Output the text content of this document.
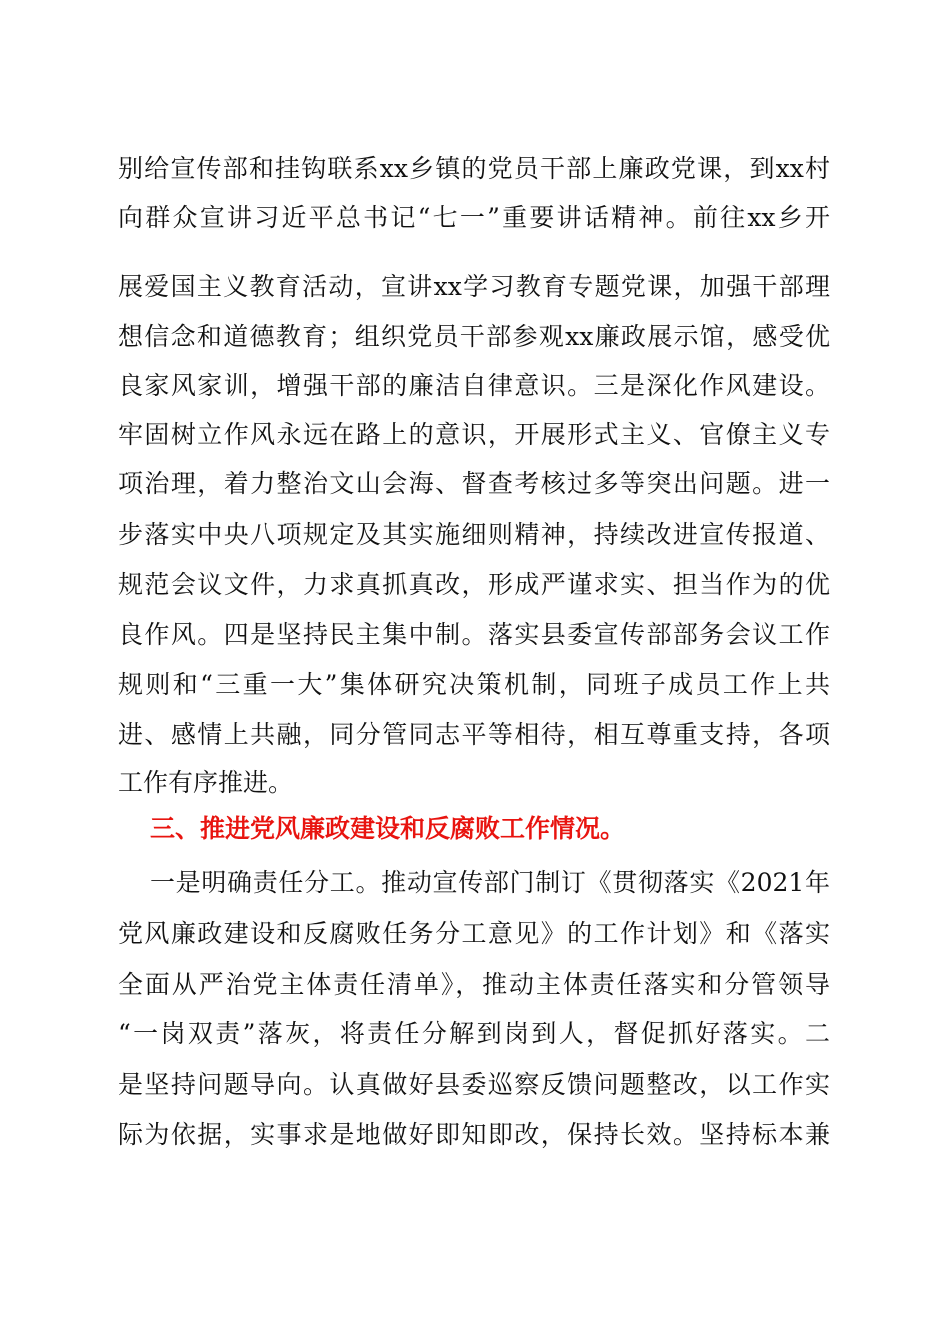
别给宣传部和挂钩联系xx乡镇的党员干部上廉政党课，到xx村
向群众宣讲习近平总书记“七一”重要讲话精神。前往xx乡开
展爱国主义教育活动，宣讲xx学习教育专题党课，加强干部理
想信念和道德教育；组织党员干部参观xx廉政展示馆，感受优
良家风家训，增强干部的廉洁自律意识。三是深化作风建设。
牢固树立作风永远在路上的意识，开展形式主义、官僚主义专
项治理，着力整治文山会海、督查考核过多等突出问题。进一
步落实中央八项规定及其实施细则精神，持续改进宣传报道、
规范会议文件，力求真抓真改，形成严谨求实、担当作为的优
良作风。四是坚持民主集中制。落实县委宣传部部务会议工作
规则和“三重一大”集体研究决策机制，同班子成员工作上共
进、感情上共融，同分管同志平等相待，相互尊重支持，各项
工作有序推进。
三、推进党风廉政建设和反腐败工作情况。
一是明确责任分工。推动宣传部门制订《贯彻落实《2021年
党风廉政建设和反腐败任务分工意见》的工作计划》和《落实
全面从严治党主体责任清单》，推动主体责任落实和分管领导
“一岗双责”落灰，将责任分解到岗到人，督促抓好落实。二
是坚持问题导向。认真做好县委巡察反馈问题整改，以工作实
际为依据，实事求是地做好即知即改，保持长效。坚持标本兼
